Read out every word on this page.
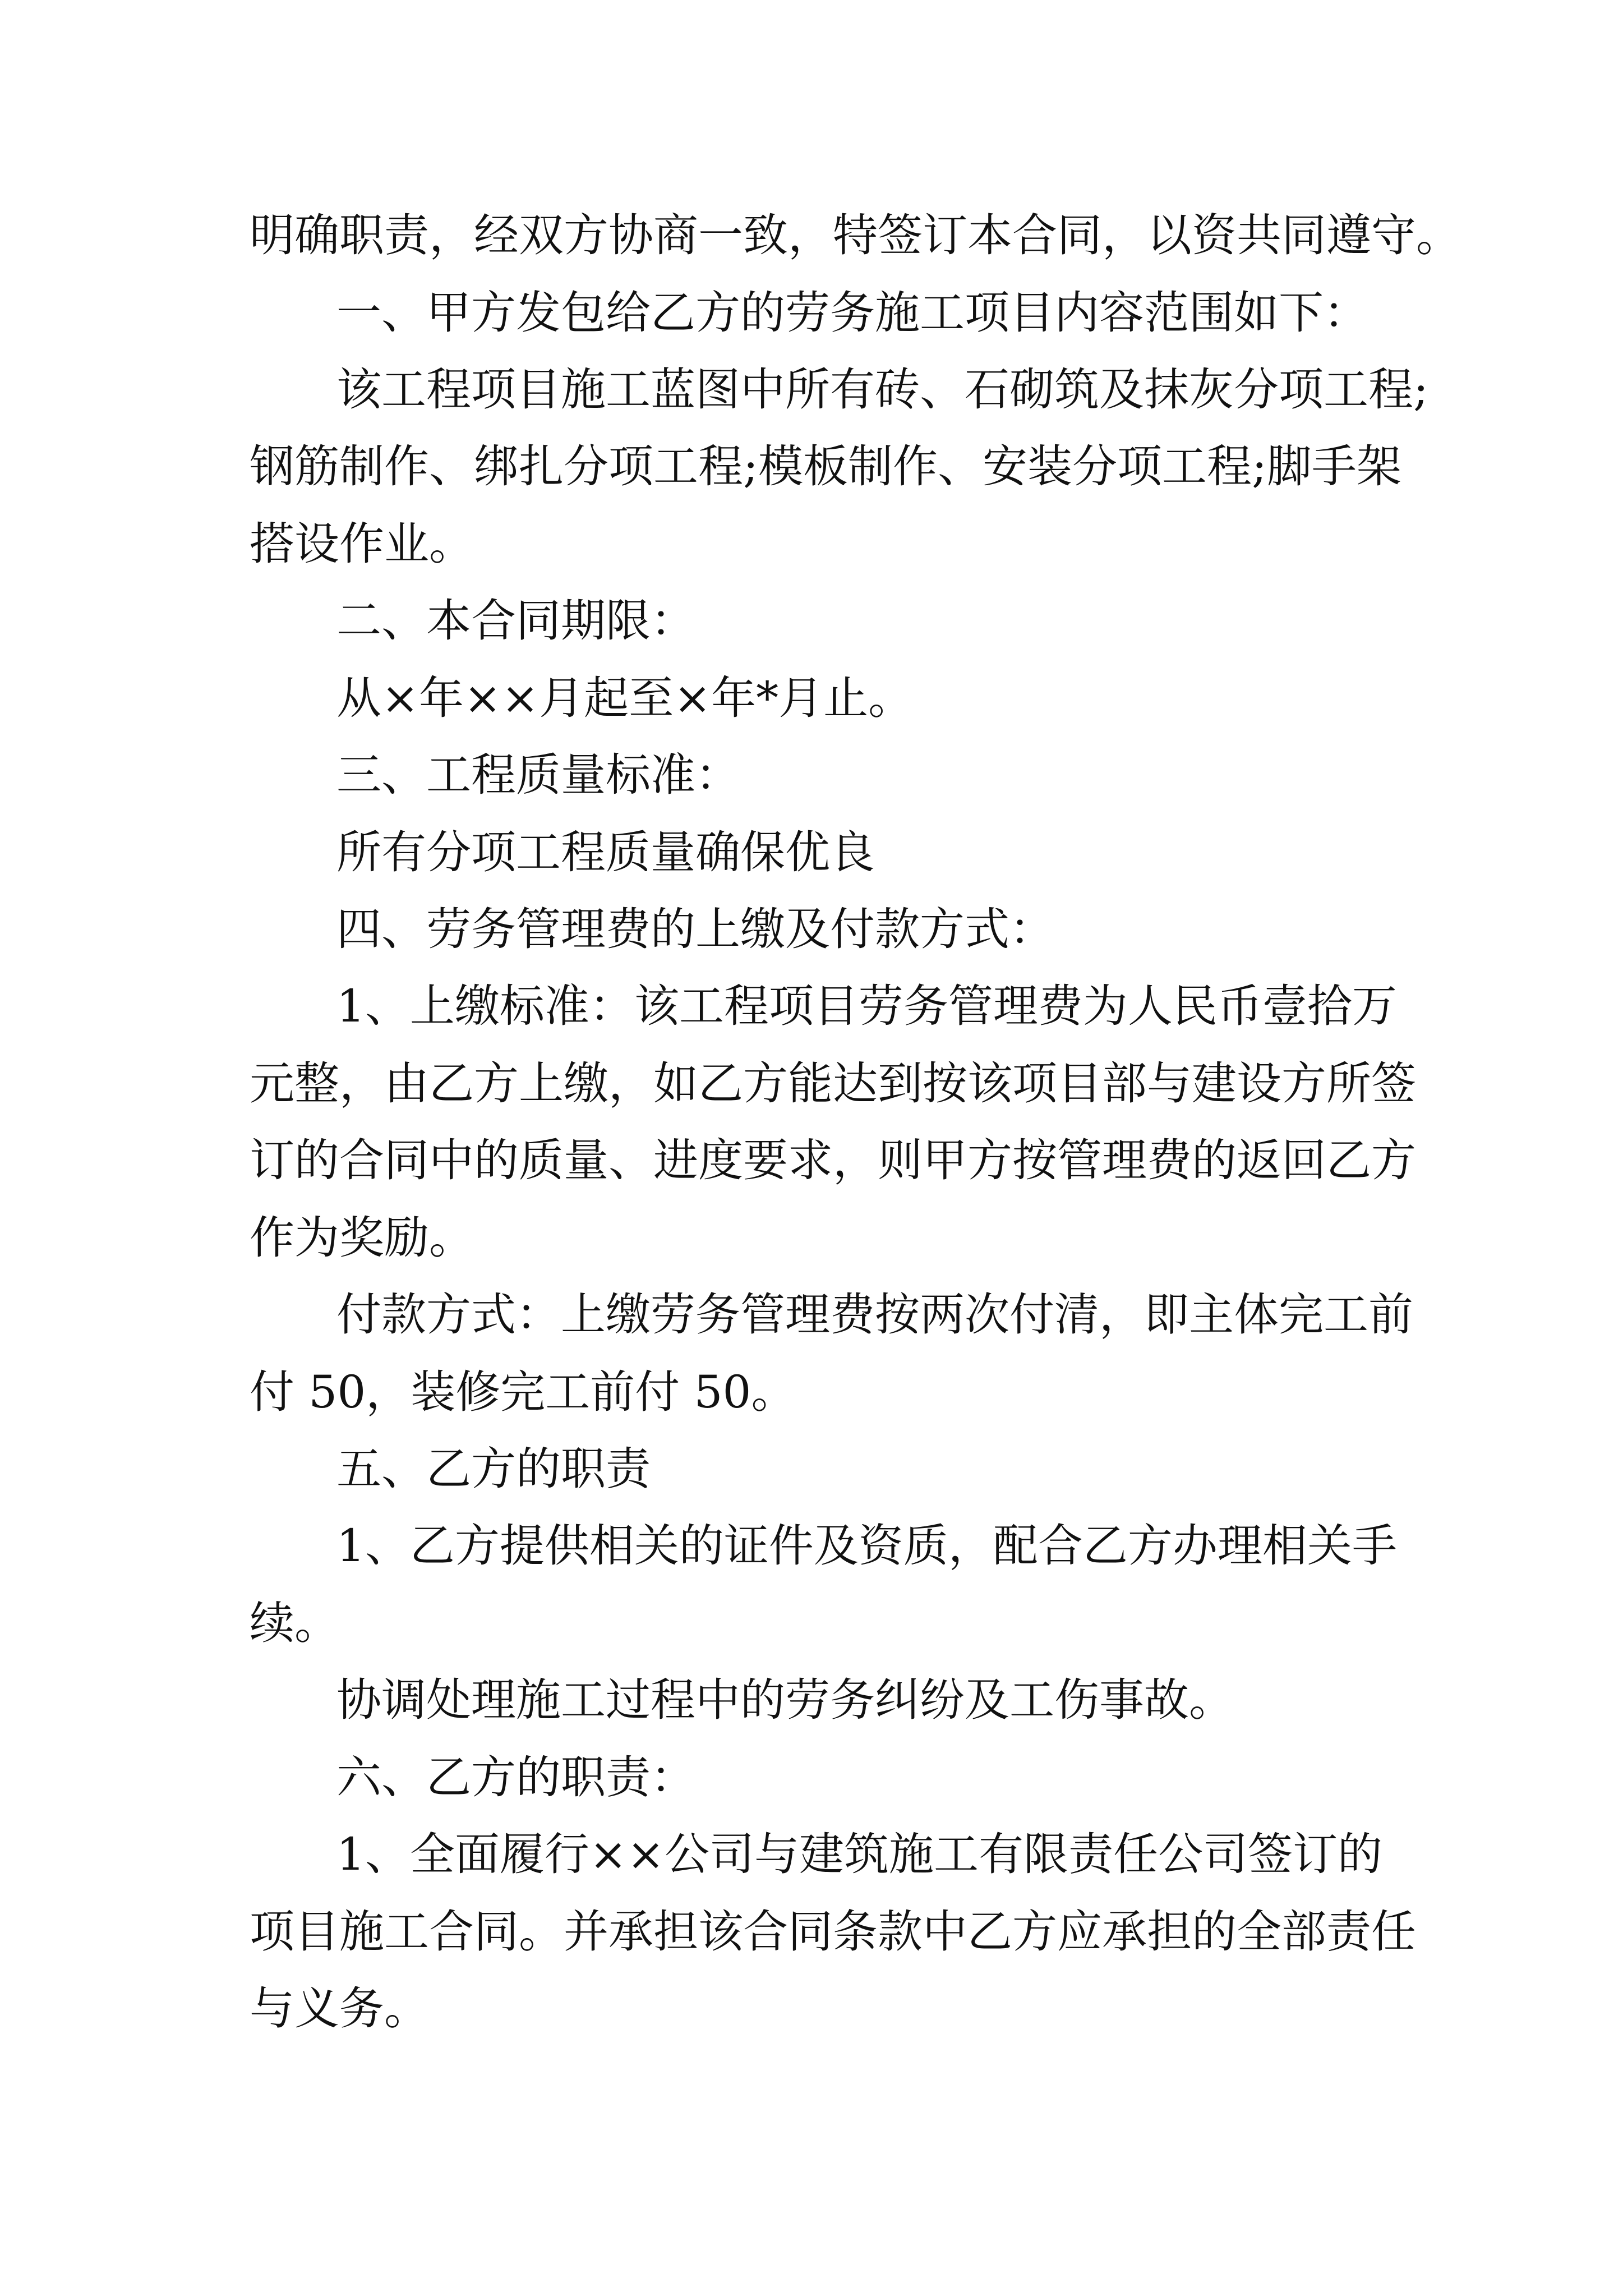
明确职责，经双方协商一致，特签订本合同，以资共同遵守。

一、甲方发包给乙方的劳务施工项目内容范围如下：

该工程项目施工蓝图中所有砖、石砌筑及抹灰分项工程;

钢筋制作、绑扎分项工程;模板制作、安装分项工程;脚手架

搭设作业。

二、本合同期限：

从×年××月起至×年*月止。

三、工程质量标准：

所有分项工程质量确保优良

四、劳务管理费的上缴及付款方式：

1、上缴标准：该工程项目劳务管理费为人民币壹拾万

元整，由乙方上缴，如乙方能达到按该项目部与建设方所签

订的合同中的质量、进度要求，则甲方按管理费的返回乙方

作为奖励。

付款方式：上缴劳务管理费按两次付清，即主体完工前

付 50，装修完工前付 50。

五、乙方的职责

1、乙方提供相关的证件及资质，配合乙方办理相关手

续。

协调处理施工过程中的劳务纠纷及工伤事故。

六、乙方的职责：

1、全面履行××公司与建筑施工有限责任公司签订的

项目施工合同。并承担该合同条款中乙方应承担的全部责任

与义务。
